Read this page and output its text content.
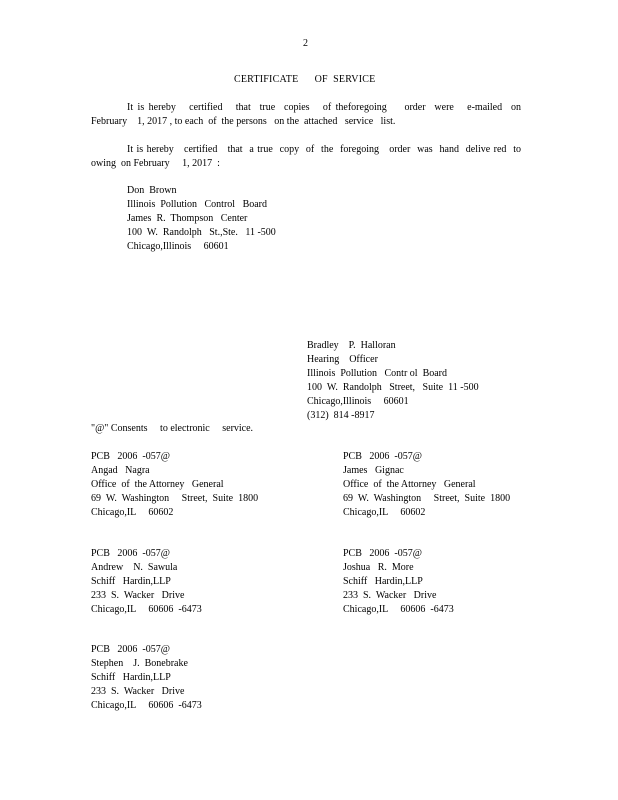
2
CERTIFICATE      OF  SERVICE
It is hereby   certified   that  true  copies   of theforegoing    order  were   e-mailed  on
February    1, 2017 , to each  of  the persons   on the  attached   service   list.
It is hereby   certified   that  a true  copy  of  the  foregoing   order  was  hand  delive red  to
owing  on February     1, 2017  :
Don  Brown
Illinois  Pollution   Control   Board
James  R.  Thompson   Center
100  W.  Randolph   St.,Ste.   11 -500
Chicago,Illinois     60601
Bradley    P.  Halloran
Hearing    Officer
Illinois  Pollution   Contr ol  Board
100  W.  Randolph   Street,   Suite  11 -500
Chicago,Illinois     60601
(312)  814 -8917
"@" Consents     to electronic     service.
PCB   2006  -057@
Angad   Nagra
Office  of  the Attorney   General
69  W.  Washington     Street,  Suite  1800
Chicago,IL     60602
PCB   2006  -057@
James   Gignac
Office  of  the Attorney   General
69  W.  Washington     Street,  Suite  1800
Chicago,IL     60602
PCB   2006  -057@
Andrew    N.  Sawula
Schiff   Hardin,LLP
233  S.  Wacker   Drive
Chicago,IL     60606  -6473
PCB   2006  -057@
Joshua   R.  More
Schiff   Hardin,LLP
233  S.  Wacker   Drive
Chicago,IL     60606  -6473
PCB   2006  -057@
Stephen    J.  Bonebrake
Schiff   Hardin,LLP
233  S.  Wacker   Drive
Chicago,IL     60606  -6473
